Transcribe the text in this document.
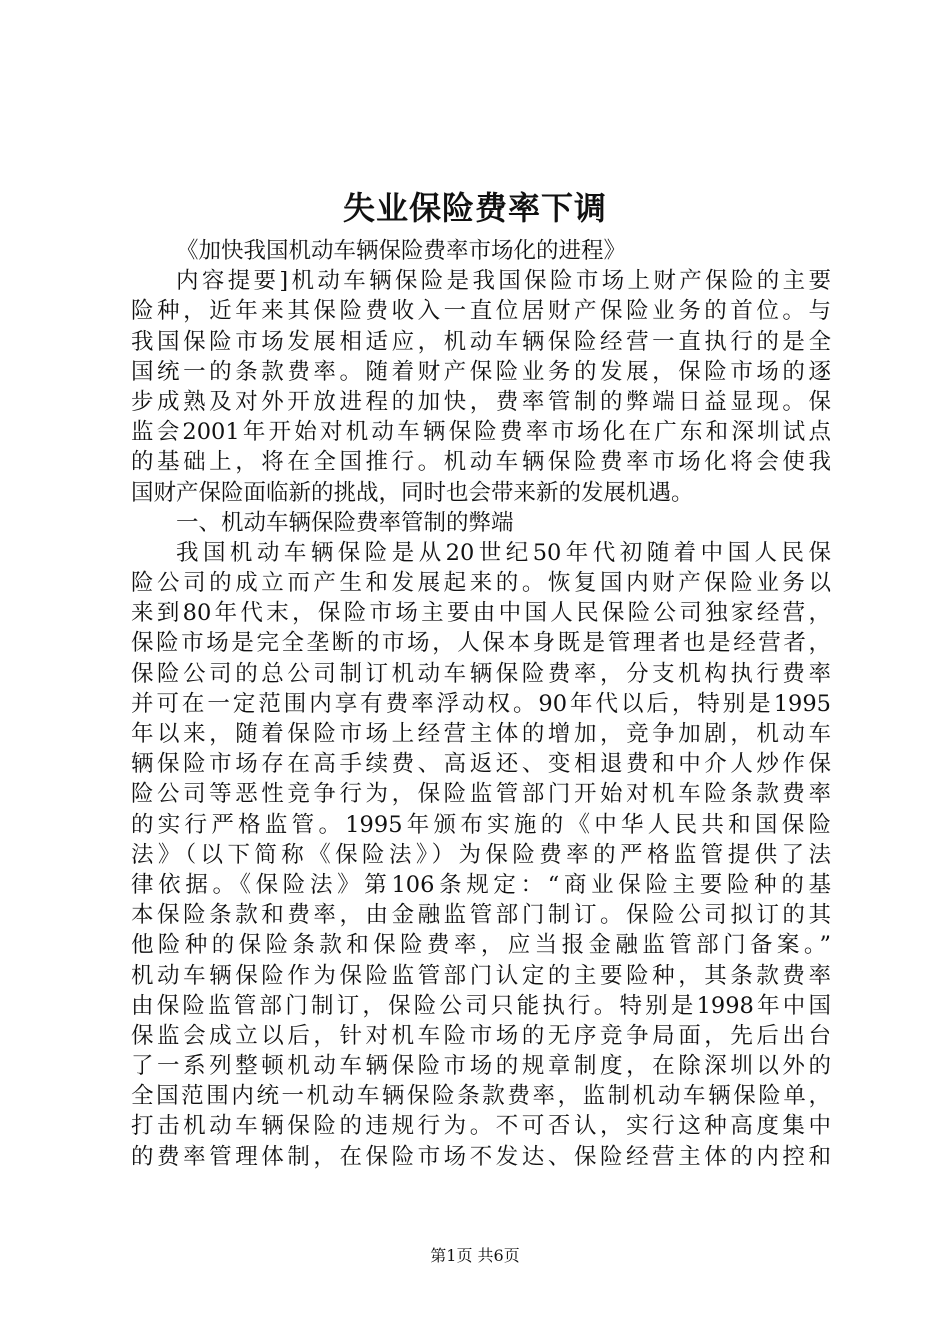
失业保险费率下调
《加快我国机动车辆保险费率市场化的进程》
内容提要]机动车辆保险是我国保险市场上财产保险的主要
险种，近年来其保险费收入一直位居财产保险业务的首位。与
我国保险市场发展相适应，机动车辆保险经营一直执行的是全
国统一的条款费率。随着财产保险业务的发展，保险市场的逐
步成熟及对外开放进程的加快，费率管制的弊端日益显现。保
监会2001年开始对机动车辆保险费率市场化在广东和深圳试点
的基础上，将在全国推行。机动车辆保险费率市场化将会使我
国财产保险面临新的挑战，同时也会带来新的发展机遇。
一、机动车辆保险费率管制的弊端
我国机动车辆保险是从20世纪50年代初随着中国人民保
险公司的成立而产生和发展起来的。恢复国内财产保险业务以
来到80年代末，保险市场主要由中国人民保险公司独家经营，
保险市场是完全垄断的市场，人保本身既是管理者也是经营者，
保险公司的总公司制订机动车辆保险费率，分支机构执行费率
并可在一定范围内享有费率浮动权。90年代以后，特别是1995
年以来，随着保险市场上经营主体的增加，竞争加剧，机动车
辆保险市场存在高手续费、高返还、变相退费和中介人炒作保
险公司等恶性竞争行为，保险监管部门开始对机车险条款费率
的实行严格监管。1995年颁布实施的《中华人民共和国保险
法》（以下简称《保险法》）为保险费率的严格监管提供了法
律依据。《保险法》第106条规定：“商业保险主要险种的基
本保险条款和费率，由金融监管部门制订。保险公司拟订的其
他险种的保险条款和保险费率，应当报金融监管部门备案。”
机动车辆保险作为保险监管部门认定的主要险种，其条款费率
由保险监管部门制订，保险公司只能执行。特别是1998年中国
保监会成立以后，针对机车险市场的无序竞争局面，先后出台
了一系列整顿机动车辆保险市场的规章制度，在除深圳以外的
全国范围内统一机动车辆保险条款费率，监制机动车辆保险单，
打击机动车辆保险的违规行为。不可否认，实行这种高度集中
的费率管理体制，在保险市场不发达、保险经营主体的内控和
第1页 共6页
